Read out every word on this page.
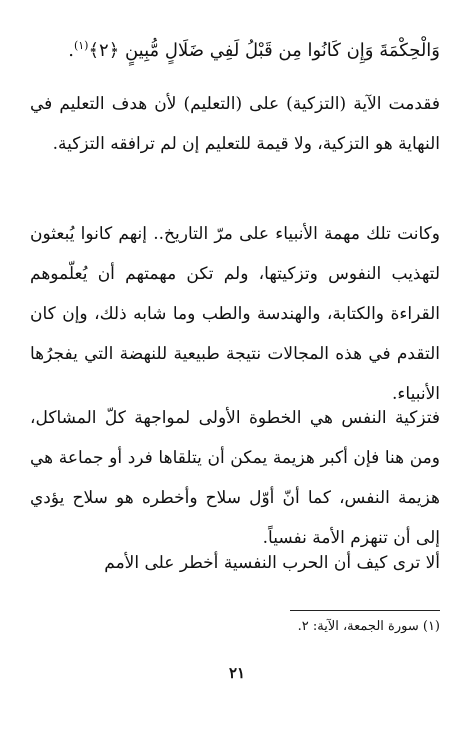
وَالْحِكْمَةَ وَإِن كَانُوا مِن قَبْلُ لَفِي ضَلَالٍ مُّبِينٍ ﴿٢﴾$^{(١)}$.

فقدمت الآية (التزكية) على (التعليم) لأن هدف التعليم في النهاية هو التزكية، ولا قيمة للتعليم إن لم ترافقه التزكية.

وكانت تلك مهمة الأنبياء على مرّ التاريخ.. إنهم كانوا يُبعثون لتهذيب النفوس وتزكيتها، ولم تكن مهمتهم أن يُعلّموهم القراءة والكتابة، والهندسة والطب وما شابه ذلك، وإن كان التقدم في هذه المجالات نتيجة طبيعية للنهضة التي يفجرُها الأنبياء.

فتزكية النفس هي الخطوة الأولى لمواجهة كلّ المشاكل، ومن هنا فإن أكبر هزيمة يمكن أن يتلقاها فرد أو جماعة هي هزيمة النفس، كما أنّ أوّل سلاح وأخطره هو سلاح يؤدي إلى أن تنهزم الأمة نفسياً.

ألا ترى كيف أن الحرب النفسية أخطر على الأمم

(١) سورة الجمعة، الآية: ٢.
٢١
